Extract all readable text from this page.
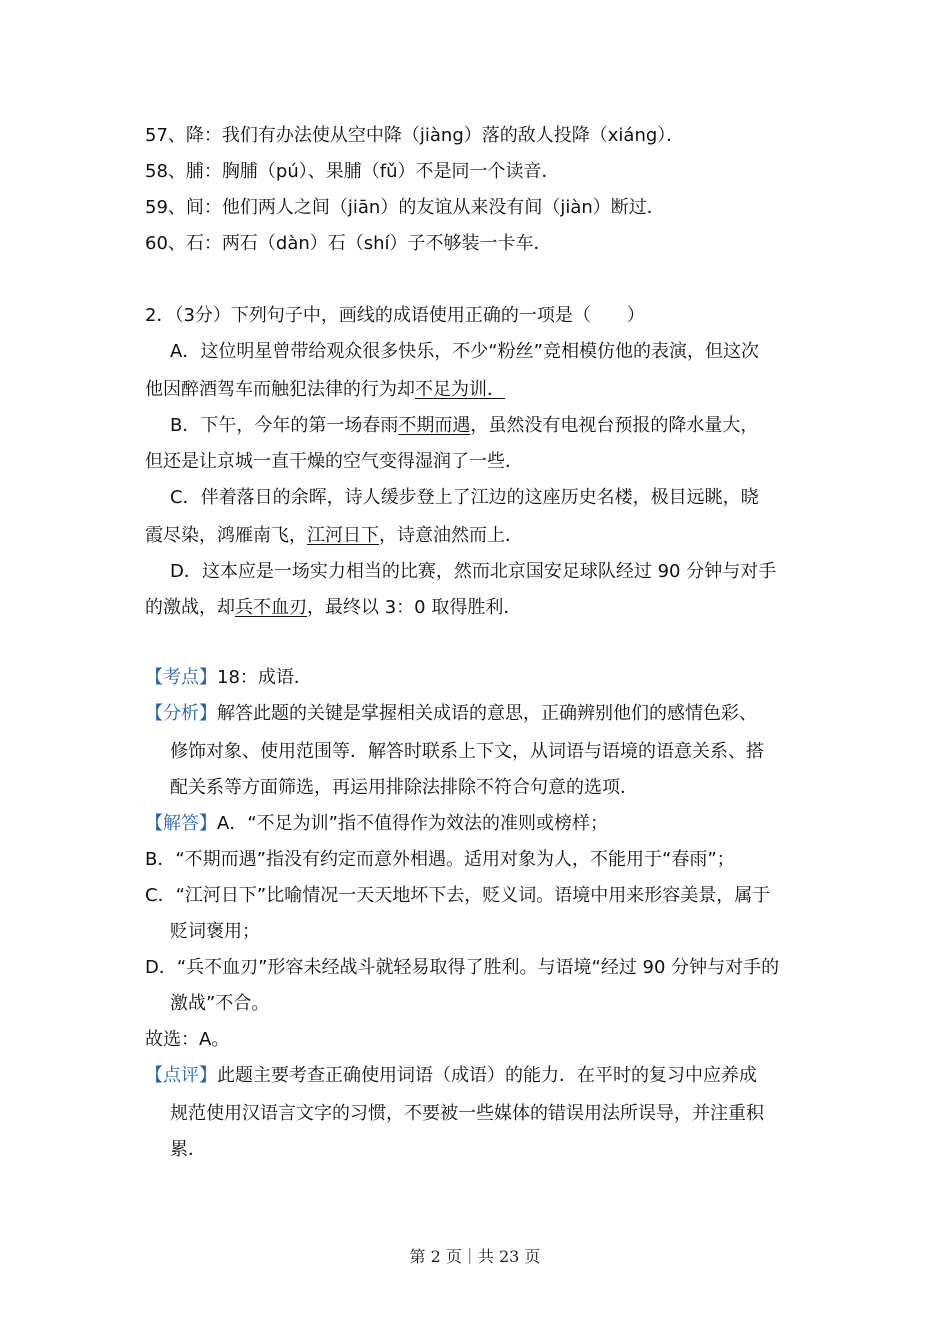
57、降：我们有办法使从空中降（jiàng）落的敌人投降（xiáng）．
58、脯：胸脯（pú）、果脯（fǔ）不是同一个读音．
59、间：他们两人之间（jiān）的友谊从来没有间（jiàn）断过．
60、石：两石（dàn）石（shí）子不够装一卡车．
2．（3分）下列句子中，画线的成语使用正确的一项是（　　）
A．这位明星曾带给观众很多快乐，不少“粉丝”竞相模仿他的表演，但这次
他因醉酒驾车而触犯法律的行为却不足为训．
B．下午，今年的第一场春雨不期而遇，虽然没有电视台预报的降水量大，
但还是让京城一直干燥的空气变得湿润了一些．
C．伴着落日的余晖，诗人缓步登上了江边的这座历史名楼，极目远眺，晓
霞尽染，鸿雁南飞，江河日下，诗意油然而上．
D．这本应是一场实力相当的比赛，然而北京国安足球队经过 90 分钟与对手
的激战，却兵不血刃，最终以 3：0 取得胜利．
【考点】18：成语．
【分析】解答此题的关键是掌握相关成语的意思，正确辨别他们的感情色彩、
修饰对象、使用范围等．解答时联系上下文，从词语与语境的语意关系、搭
配关系等方面筛选，再运用排除法排除不符合句意的选项．
【解答】A．“不足为训”指不值得作为效法的准则或榜样；
B．“不期而遇”指没有约定而意外相遇。适用对象为人，不能用于“春雨”；
C．“江河日下”比喻情况一天天地坏下去，贬义词。语境中用来形容美景，属于
贬词褒用；
D．“兵不血刃”形容未经战斗就轻易取得了胜利。与语境“经过 90 分钟与对手的
激战”不合。
故选：A。
【点评】此题主要考查正确使用词语（成语）的能力．在平时的复习中应养成
规范使用汉语言文字的习惯，不要被一些媒体的错误用法所误导，并注重积
累．
第 2 页｜共 23 页
